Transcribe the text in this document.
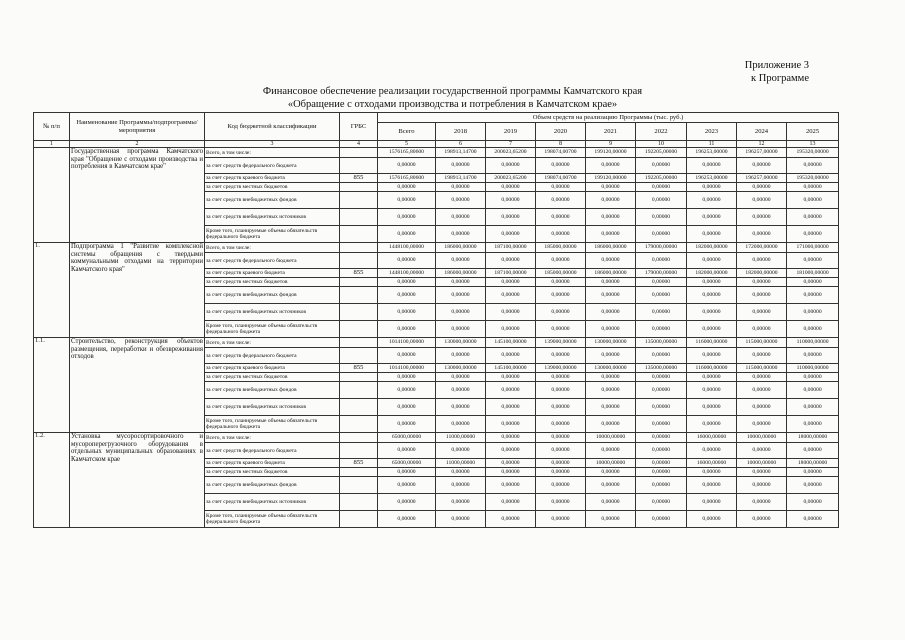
Приложение 3
к Программе
Финансовое обеспечение реализации государственной программы Камчатского края
«Обращение с отходами производства и потребления в Камчатском крае»
№ п/п	Наименование Программы/подпрограммы/мероприятия	Код бюджетной классификации	ГРБС	Объем средств на реализацию Программы (тыс. руб.)								
				Всего	2018	2019	2020	2021	2022	2023	2024	2025
1	2	3	4	5	6	7	8	9	10	11	12	13
	Государственная программа Камчатского края "Обращение с отходами производства и потребления в Камчатском крае"	Всего, в том числе:		1576165,80600	198913,14700	200023,65200	198074,00700	199120,00000	192205,00000	196253,00000	196257,00000	195320,00000
		за счет средств федерального бюджета		0,00000	0,00000	0,00000	0,00000	0,00000	0,00000	0,00000	0,00000	0,00000
		за счет средств краевого бюджета	855	1576165,80600	198913,14700	200023,65200	198074,00700	199120,00000	192205,00000	196253,00000	196257,00000	195320,00000
		за счет средств местных бюджетов		0,00000	0,00000	0,00000	0,00000	0,00000	0,00000	0,00000	0,00000	0,00000
		за счет средств внебюджетных фондов		0,00000	0,00000	0,00000	0,00000	0,00000	0,00000	0,00000	0,00000	0,00000
		за счет средств внебюджетных источников		0,00000	0,00000	0,00000	0,00000	0,00000	0,00000	0,00000	0,00000	0,00000
		Кроме того, планируемые объемы обязательств федерального бюджета		0,00000	0,00000	0,00000	0,00000	0,00000	0,00000	0,00000	0,00000	0,00000
1.	Подпрограмма 1 "Развитие комплексной системы обращения с твердыми коммунальными отходами на территории Камчатского края"	Всего, в том числе:		1448100,00000	186000,00000	187100,00000	185000,00000	186000,00000	179000,00000	182000,00000	172000,00000	171000,00000
		за счет средств федерального бюджета		0,00000	0,00000	0,00000	0,00000	0,00000	0,00000	0,00000	0,00000	0,00000
		за счет средств краевого бюджета	855	1448100,00000	186000,00000	187100,00000	185000,00000	186000,00000	179000,00000	182000,00000	182000,00000	181000,00000
		за счет средств местных бюджетов		0,00000	0,00000	0,00000	0,00000	0,00000	0,00000	0,00000	0,00000	0,00000
		за счет средств внебюджетных фондов		0,00000	0,00000	0,00000	0,00000	0,00000	0,00000	0,00000	0,00000	0,00000
		за счет средств внебюджетных источников		0,00000	0,00000	0,00000	0,00000	0,00000	0,00000	0,00000	0,00000	0,00000
		Кроме того, планируемые объемы обязательств федерального бюджета		0,00000	0,00000	0,00000	0,00000	0,00000	0,00000	0,00000	0,00000	0,00000
1.1.	Строительство, реконструкция объектов размещения, переработки и обезвреживания отходов	Всего, в том числе:		1014100,00000	130000,00000	145100,00000	139000,00000	130000,00000	135000,00000	116000,00000	115000,00000	110000,00000
		за счет средств федерального бюджета		0,00000	0,00000	0,00000	0,00000	0,00000	0,00000	0,00000	0,00000	0,00000
		за счет средств краевого бюджета	855	1014100,00000	130000,00000	145100,00000	139000,00000	130000,00000	135000,00000	116000,00000	115000,00000	110000,00000
		за счет средств местных бюджетов		0,00000	0,00000	0,00000	0,00000	0,00000	0,00000	0,00000	0,00000	0,00000
		за счет средств внебюджетных фондов		0,00000	0,00000	0,00000	0,00000	0,00000	0,00000	0,00000	0,00000	0,00000
		за счет средств внебюджетных источников		0,00000	0,00000	0,00000	0,00000	0,00000	0,00000	0,00000	0,00000	0,00000
		Кроме того, планируемые объемы обязательств федерального бюджета		0,00000	0,00000	0,00000	0,00000	0,00000	0,00000	0,00000	0,00000	0,00000
1.2.	Установка мусоросортировочного и мусороперегрузочного оборудования в отдельных муниципальных образованиях в Камчатском крае	Всего, в том числе:		65000,00000	11000,00000	0,00000	0,00000	10000,00000	0,00000	16000,00000	10000,00000	18000,00000
		за счет средств федерального бюджета		0,00000	0,00000	0,00000	0,00000	0,00000	0,00000	0,00000	0,00000	0,00000
		за счет средств краевого бюджета	855	65000,00000	11000,00000	0,00000	0,00000	10000,00000	0,00000	16000,00000	10000,00000	18000,00000
		за счет средств местных бюджетов		0,00000	0,00000	0,00000	0,00000	0,00000	0,00000	0,00000	0,00000	0,00000
		за счет средств внебюджетных фондов		0,00000	0,00000	0,00000	0,00000	0,00000	0,00000	0,00000	0,00000	0,00000
		за счет средств внебюджетных источников		0,00000	0,00000	0,00000	0,00000	0,00000	0,00000	0,00000	0,00000	0,00000
		Кроме того, планируемые объемы обязательств федерального бюджета		0,00000	0,00000	0,00000	0,00000	0,00000	0,00000	0,00000	0,00000	0,00000
